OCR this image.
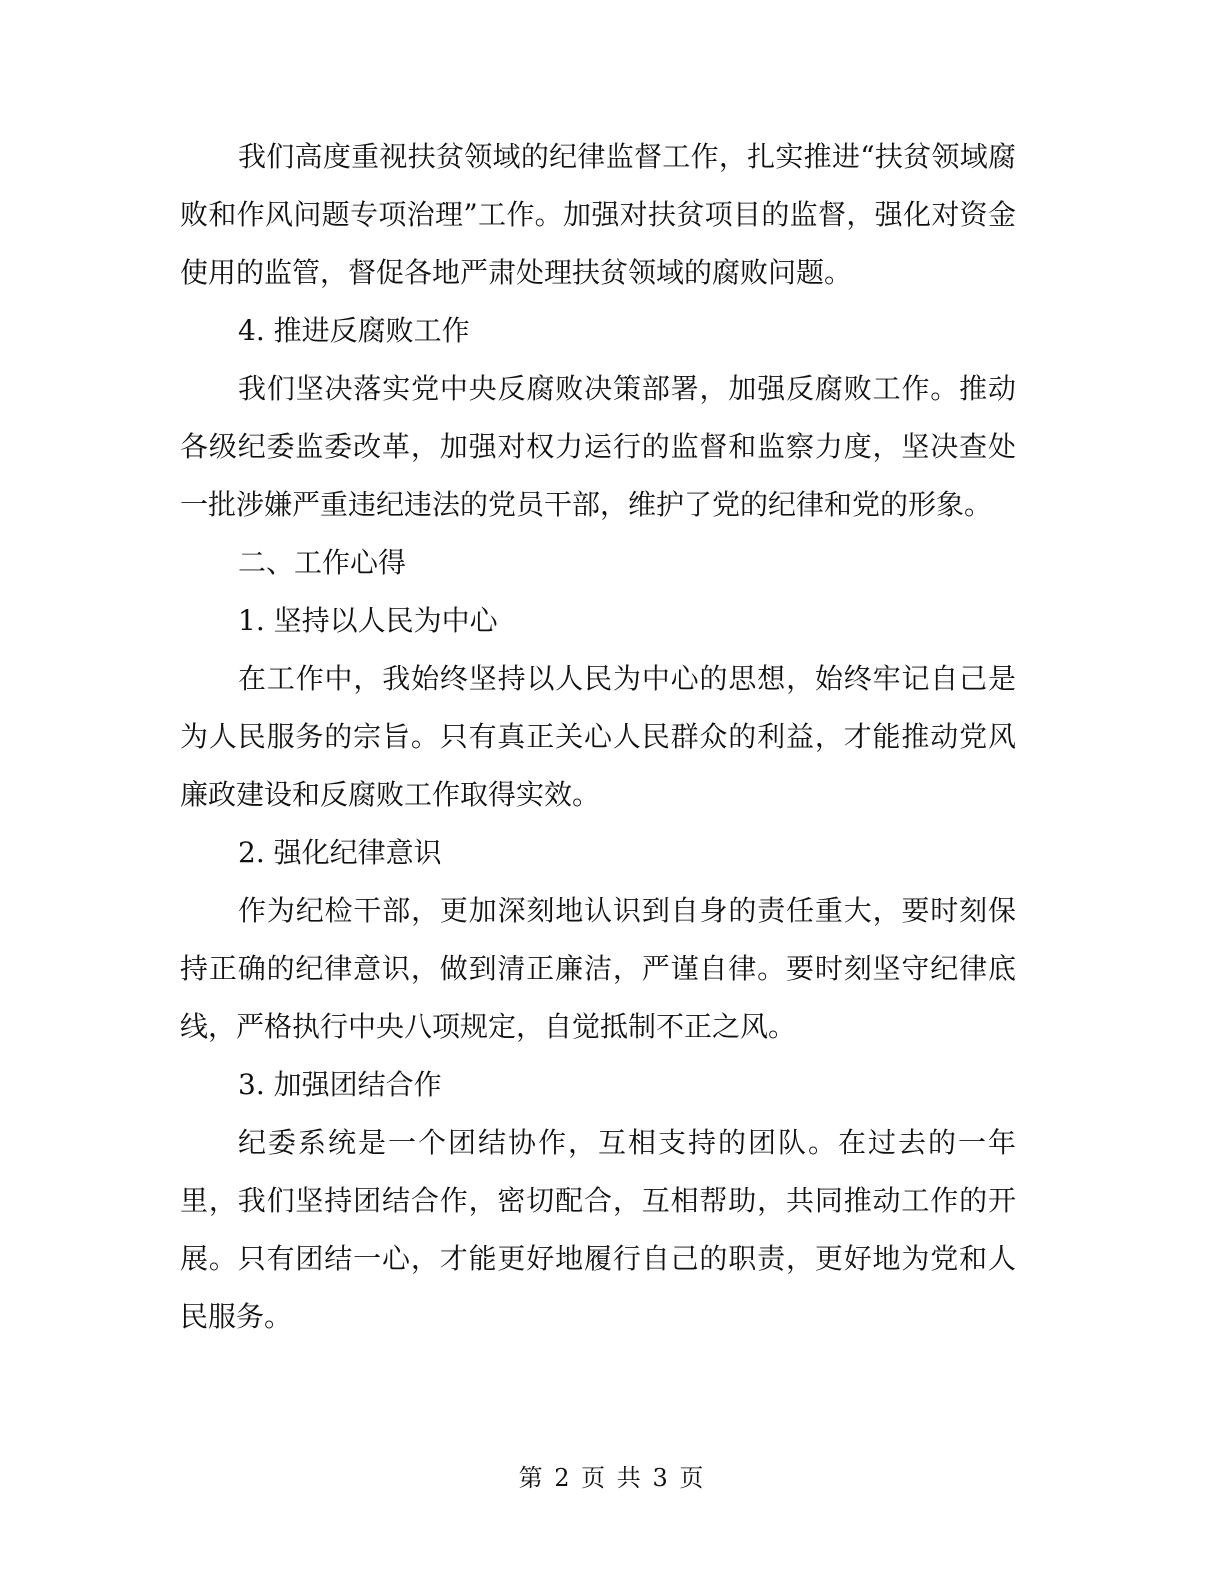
我们高度重视扶贫领域的纪律监督工作，扎实推进“扶贫领域腐败和作风问题专项治理”工作。加强对扶贫项目的监督，强化对资金使用的监管，督促各地严肃处理扶贫领域的腐败问题。

4. 推进反腐败工作

我们坚决落实党中央反腐败决策部署，加强反腐败工作。推动各级纪委监委改革，加强对权力运行的监督和监察力度，坚决查处一批涉嫌严重违纪违法的党员干部，维护了党的纪律和党的形象。

二、工作心得

1. 坚持以人民为中心

在工作中，我始终坚持以人民为中心的思想，始终牢记自己是为人民服务的宗旨。只有真正关心人民群众的利益，才能推动党风廉政建设和反腐败工作取得实效。

2. 强化纪律意识

作为纪检干部，更加深刻地认识到自身的责任重大，要时刻保持正确的纪律意识，做到清正廉洁，严谨自律。要时刻坚守纪律底线，严格执行中央八项规定，自觉抵制不正之风。

3. 加强团结合作

纪委系统是一个团结协作，互相支持的团队。在过去的一年里，我们坚持团结合作，密切配合，互相帮助，共同推动工作的开展。只有团结一心，才能更好地履行自己的职责，更好地为党和人民服务。

第 2 页 共 3 页
